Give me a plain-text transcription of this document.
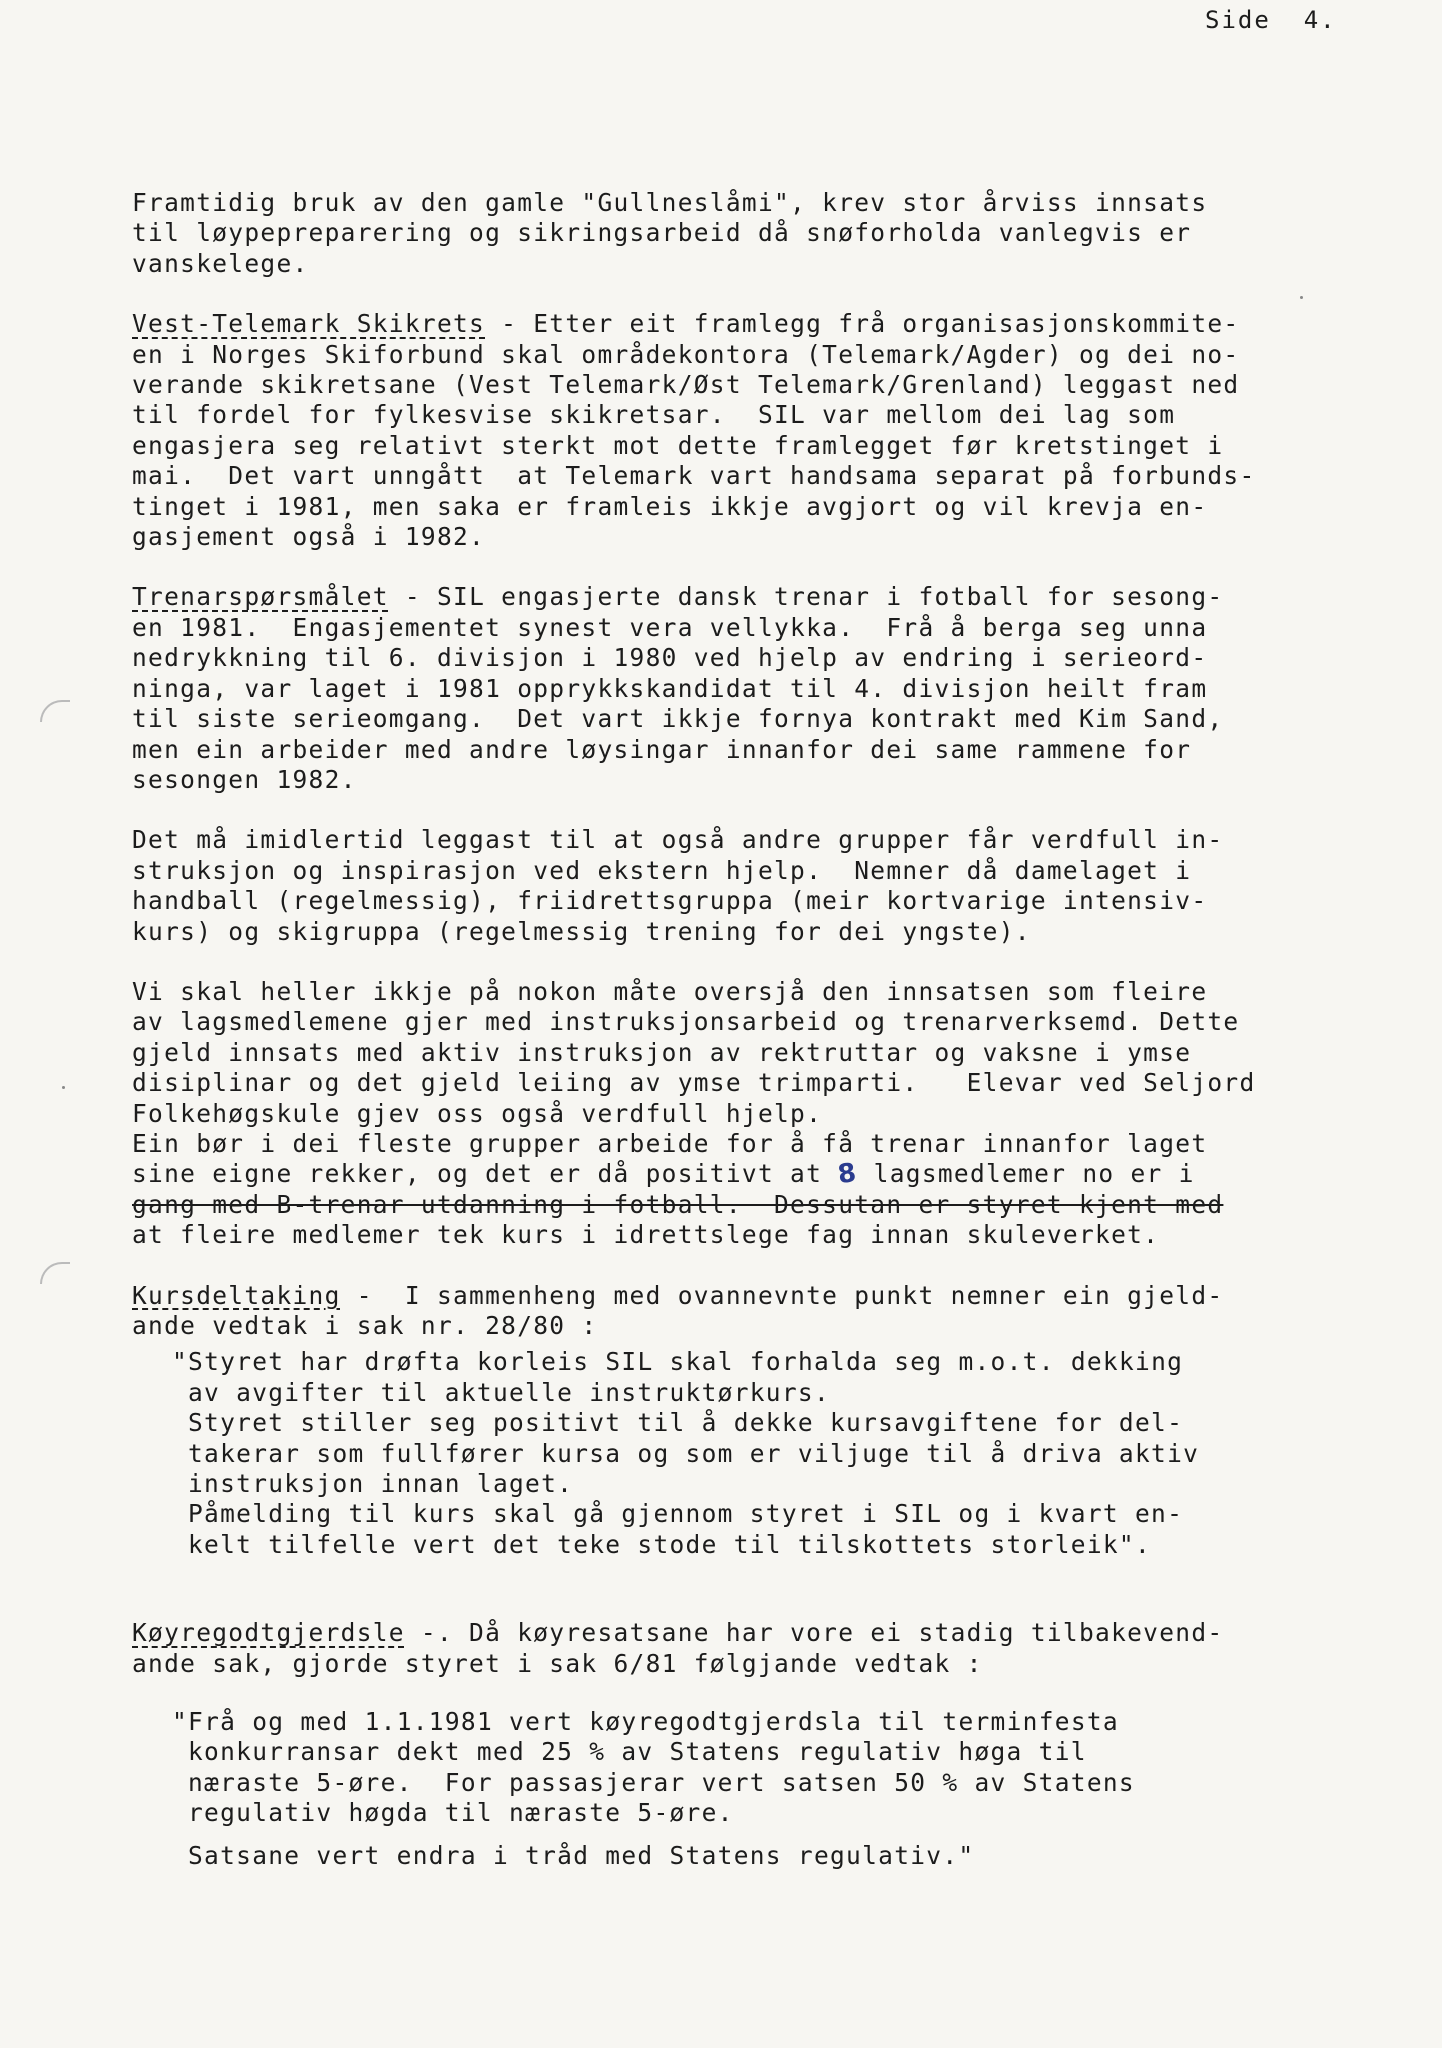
Side  4.
Framtidig bruk av den gamle "Gullneslåmi", krev stor årviss innsats
til løypepreparering og sikringsarbeid då snøforholda vanlegvis er
vanskelege.
Vest-Telemark Skikrets - Etter eit framlegg frå organisasjonskommite-
en i Norges Skiforbund skal områdekontora (Telemark/Agder) og dei no-
verande skikretsane (Vest Telemark/Øst Telemark/Grenland) leggast ned
til fordel for fylkesvise skikretsar.  SIL var mellom dei lag som
engasjera seg relativt sterkt mot dette framlegget før kretstinget i
mai.  Det vart unngått  at Telemark vart handsama separat på forbunds-
tinget i 1981, men saka er framleis ikkje avgjort og vil krevja en-
gasjement også i 1982.
Trenarspørsmålet - SIL engasjerte dansk trenar i fotball for sesong-
en 1981.  Engasjementet synest vera vellykka.  Frå å berga seg unna
nedrykkning til 6. divisjon i 1980 ved hjelp av endring i serieord-
ninga, var laget i 1981 opprykkskandidat til 4. divisjon heilt fram
til siste serieomgang.  Det vart ikkje fornya kontrakt med Kim Sand,
men ein arbeider med andre løysingar innanfor dei same rammene for
sesongen 1982.
Det må imidlertid leggast til at også andre grupper får verdfull in-
struksjon og inspirasjon ved ekstern hjelp.  Nemner då damelaget i
handball (regelmessig), friidrettsgruppa (meir kortvarige intensiv-
kurs) og skigruppa (regelmessig trening for dei yngste).
Vi skal heller ikkje på nokon måte oversjå den innsatsen som fleire
av lagsmedlemene gjer med instruksjonsarbeid og trenarverksemd. Dette
gjeld innsats med aktiv instruksjon av rektruttar og vaksne i ymse
disiplinar og det gjeld leiing av ymse trimparti.   Elevar ved Seljord
Folkehøgskule gjev oss også verdfull hjelp.
Ein bør i dei fleste grupper arbeide for å få trenar innanfor laget
sine eigne rekker, og det er då positivt at 8 lagsmedlemer no er i
gang med B-trenar utdanning i fotball.  Dessutan er styret kjent med
at fleire medlemer tek kurs i idrettslege fag innan skuleverket.
Kursdeltaking -  I sammenheng med ovannevnte punkt nemner ein gjeld-
ande vedtak i sak nr. 28/80 :
"Styret har drøfta korleis SIL skal forhalda seg m.o.t. dekking
av avgifter til aktuelle instruktørkurs.
Styret stiller seg positivt til å dekke kursavgiftene for del-
takerar som fullfører kursa og som er viljuge til å driva aktiv
instruksjon innan laget.
Påmelding til kurs skal gå gjennom styret i SIL og i kvart en-
kelt tilfelle vert det teke stode til tilskottets storleik".
Køyregodtgjerdsle -. Då køyresatsane har vore ei stadig tilbakevend-
ande sak, gjorde styret i sak 6/81 følgjande vedtak :
"Frå og med 1.1.1981 vert køyregodtgjerdsla til terminfesta
konkurransar dekt med 25 % av Statens regulativ høga til
næraste 5-øre.  For passasjerar vert satsen 50 % av Statens
regulativ høgda til næraste 5-øre.
Satsane vert endra i tråd med Statens regulativ."
